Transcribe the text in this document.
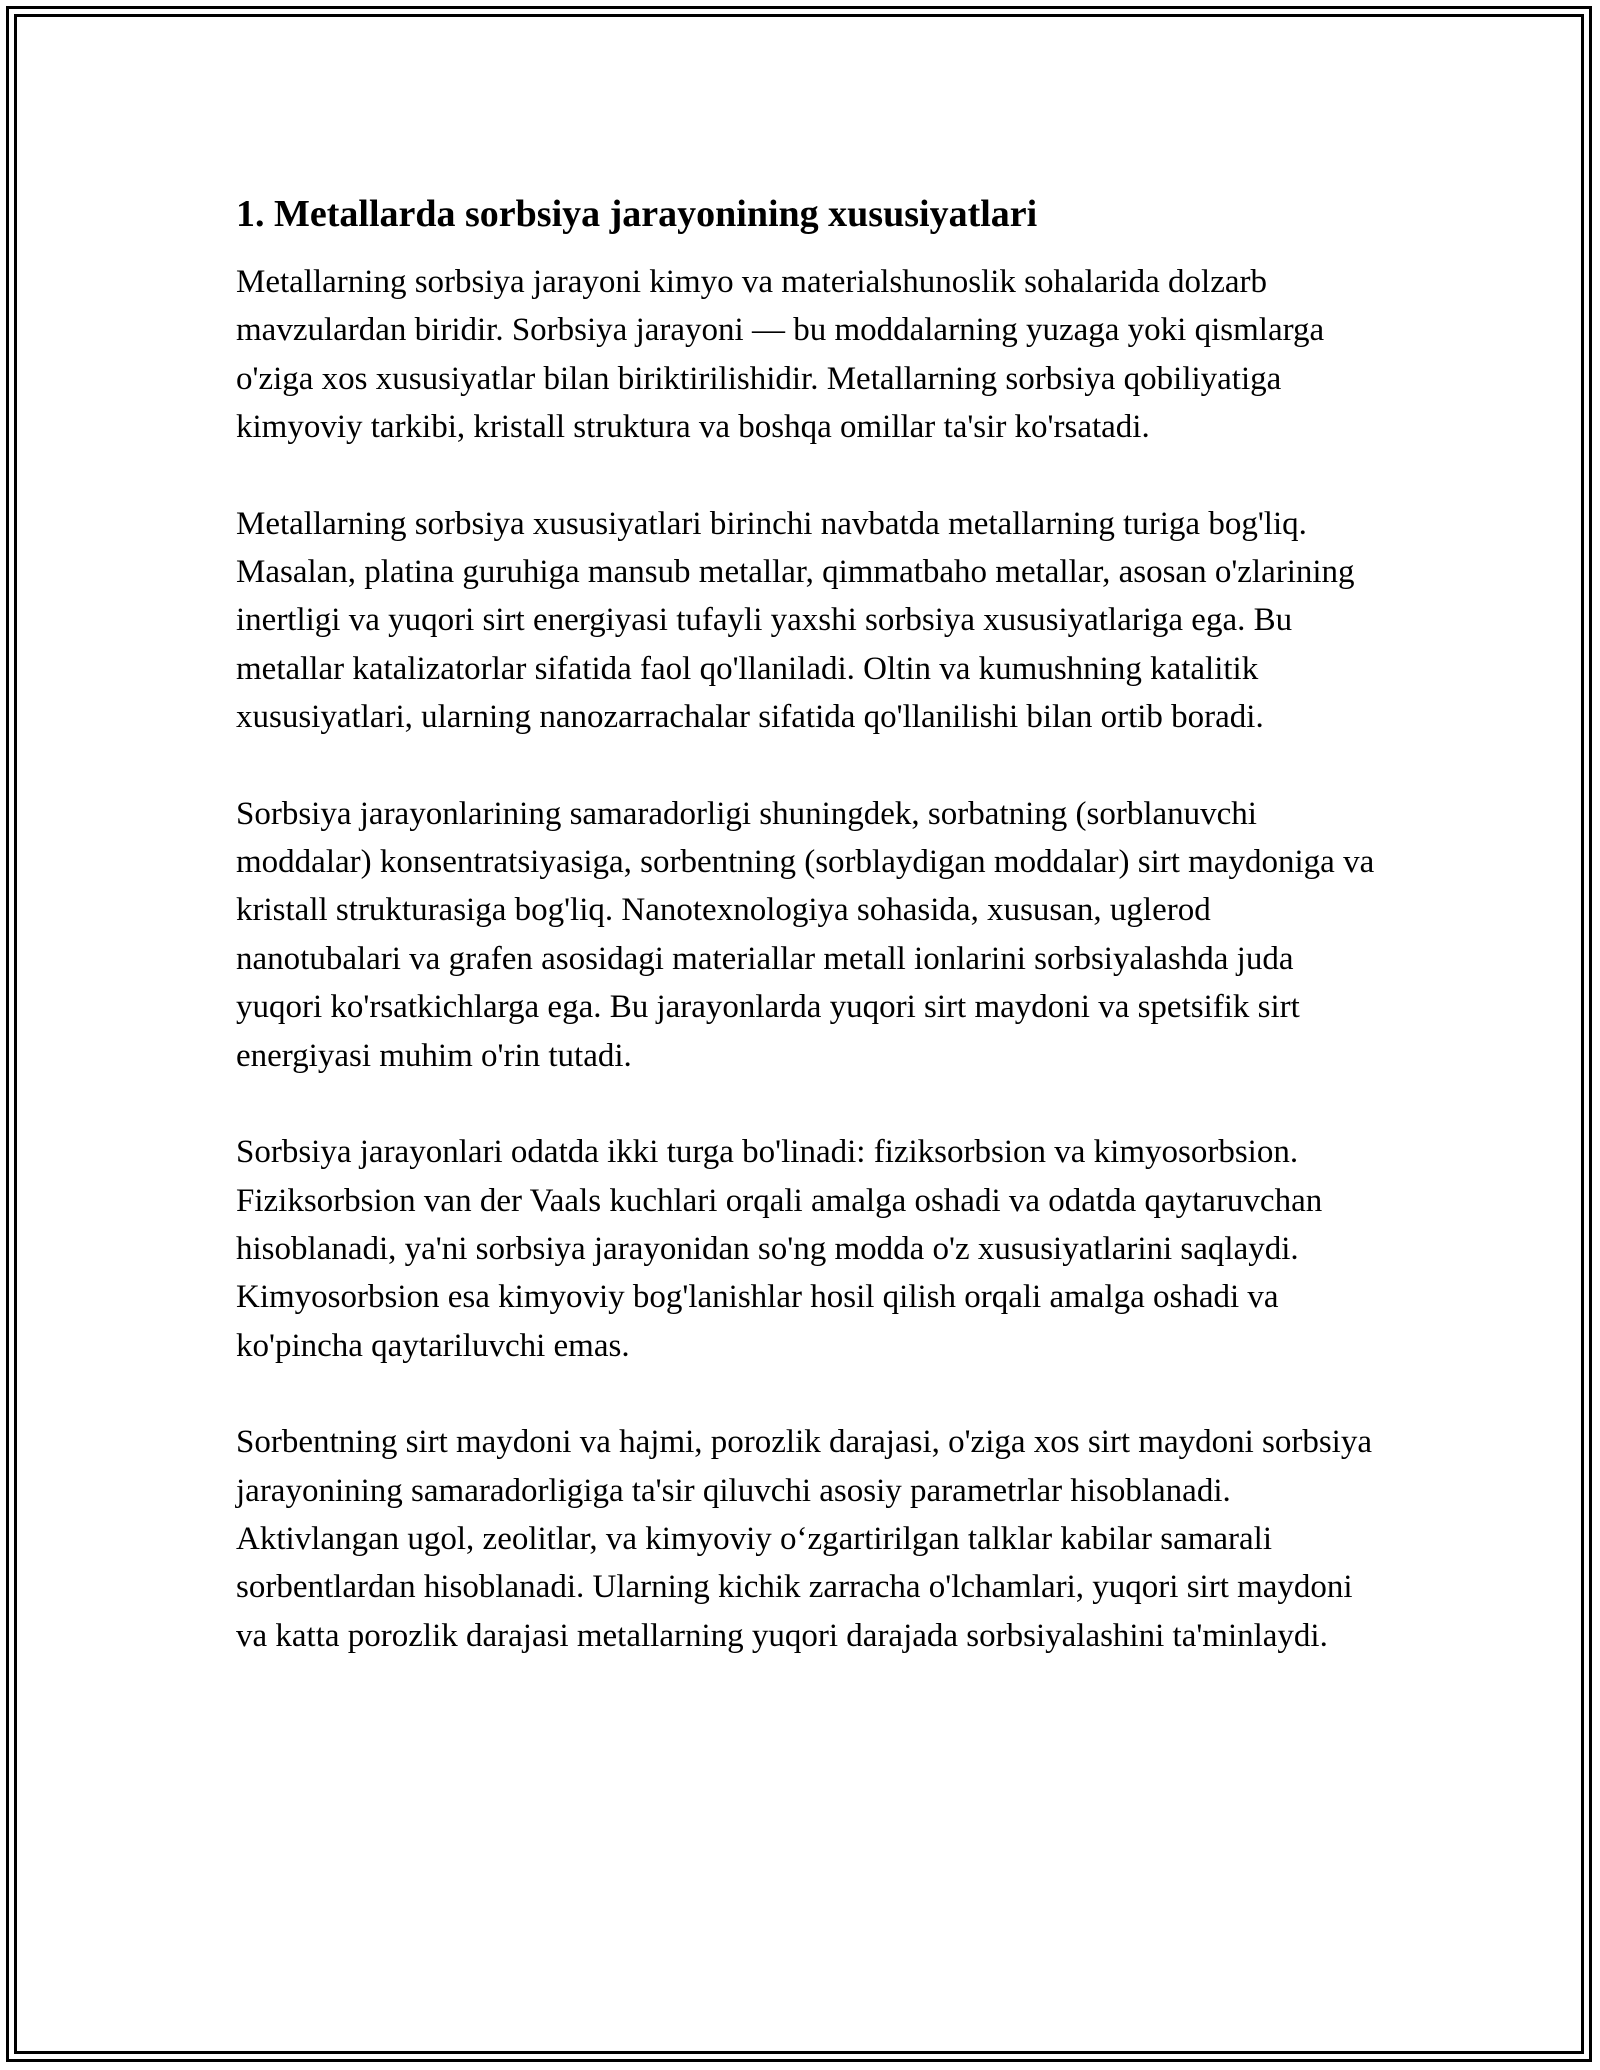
1. Metallarda sorbsiya jarayonining xususiyatlari

Metallarning sorbsiya jarayoni kimyo va materialshunoslik sohalarida dolzarb mavzulardan biridir. Sorbsiya jarayoni — bu moddalarning yuzaga yoki qismlarga o'ziga xos xususiyatlar bilan biriktirilishidir. Metallarning sorbsiya qobiliyatiga kimyoviy tarkibi, kristall struktura va boshqa omillar ta'sir ko'rsatadi.

Metallarning sorbsiya xususiyatlari birinchi navbatda metallarning turiga bog'liq. Masalan, platina guruhiga mansub metallar, qimmatbaho metallar, asosan o'zlarining inertligi va yuqori sirt energiyasi tufayli yaxshi sorbsiya xususiyatlariga ega. Bu metallar katalizatorlar sifatida faol qo'llaniladi. Oltin va kumushning katalitik xususiyatlari, ularning nanozarrachalar sifatida qo'llanilishi bilan ortib boradi.

Sorbsiya jarayonlarining samaradorligi shuningdek, sorbatning (sorblanuvchi moddalar) konsentratsiyasiga, sorbentning (sorblaydigan moddalar) sirt maydoniga va kristall strukturasiga bog'liq. Nanotexnologiya sohasida, xususan, uglerod nanotubalari va grafen asosidagi materiallar metall ionlarini sorbsiyalashda juda yuqori ko'rsatkichlarga ega. Bu jarayonlarda yuqori sirt maydoni va spetsifik sirt energiyasi muhim o'rin tutadi.

Sorbsiya jarayonlari odatda ikki turga bo'linadi: fiziksorbsion va kimyosorbsion. Fiziksorbsion van der Vaals kuchlari orqali amalga oshadi va odatda qaytaruvchan hisoblanadi, ya'ni sorbsiya jarayonidan so'ng modda o'z xususiyatlarini saqlaydi. Kimyosorbsion esa kimyoviy bog'lanishlar hosil qilish orqali amalga oshadi va ko'pincha qaytariluvchi emas.

Sorbentning sirt maydoni va hajmi, porozlik darajasi, o'ziga xos sirt maydoni sorbsiya jarayonining samaradorligiga ta'sir qiluvchi asosiy parametrlar hisoblanadi. Aktivlangan ugol, zeolitlar, va kimyoviy o‘zgartirilgan talklar kabilar samarali sorbentlardan hisoblanadi. Ularning kichik zarracha o'lchamlari, yuqori sirt maydoni va katta porozlik darajasi metallarning yuqori darajada sorbsiyalashini ta'minlaydi.
